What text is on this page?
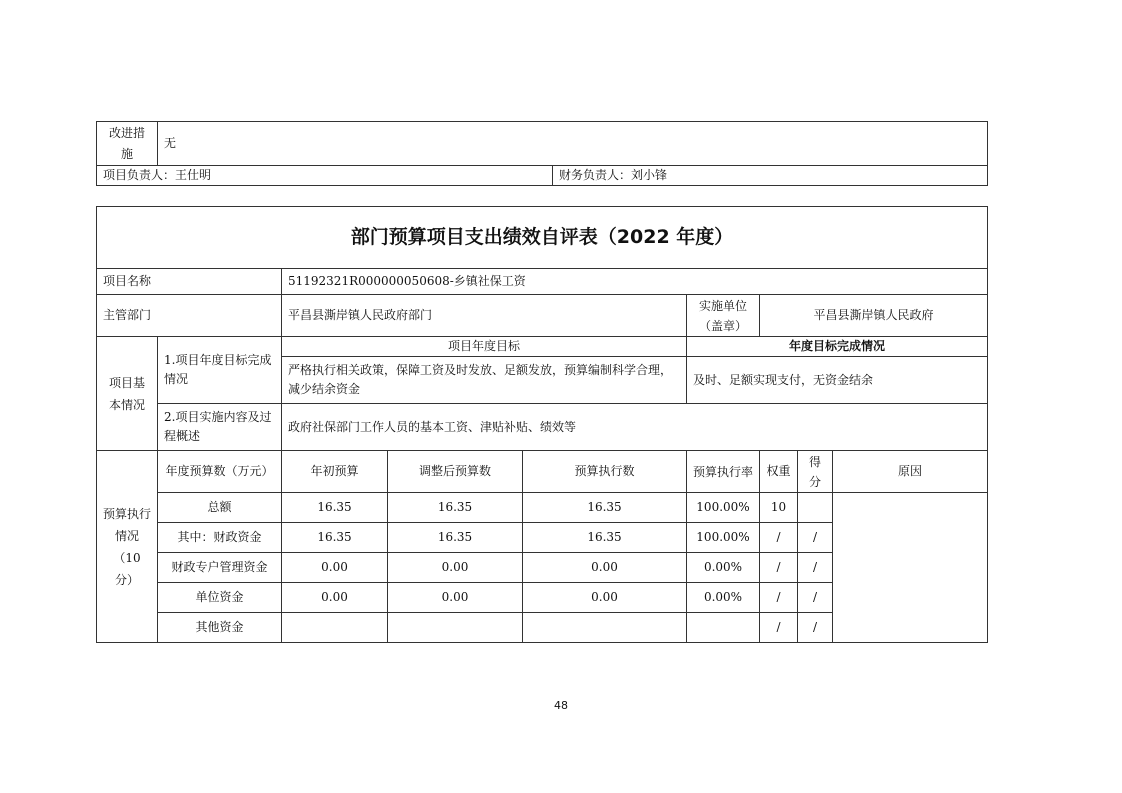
改进措施	无	
项目负责人：王仕明		财务负责人：刘小锋
部门预算项目支出绩效自评表（2022 年度）								
项目名称		51192321R000000050608-乡镇社保工资						
主管部门		平昌县澌岸镇人民政府部门			实施单位（盖章）	平昌县澌岸镇人民政府		
项目基本情况	1.项目年度目标完成情况	项目年度目标			年度目标完成情况			
		严格执行相关政策，保障工资及时发放、足额发放，预算编制科学合理，减少结余资金			及时、足额实现支付，无资金结余			
	2.项目实施内容及过程概述	政府社保部门工作人员的基本工资、津贴补贴、绩效等						

预算执行情况（10 分）	年度预算数（万元）	年初预算	调整后预算数	预算执行数	预算执行率	权重	得分	原因
	总额	16.35	16.35	16.35	100.00%	10		
	其中：财政资金	16.35	16.35	16.35	100.00%	/	/	
	财政专户管理资金	0.00	0.00	0.00	0.00%	/	/	
	单位资金	0.00	0.00	0.00	0.00%	/	/	
	其他资金					/	/	
48
